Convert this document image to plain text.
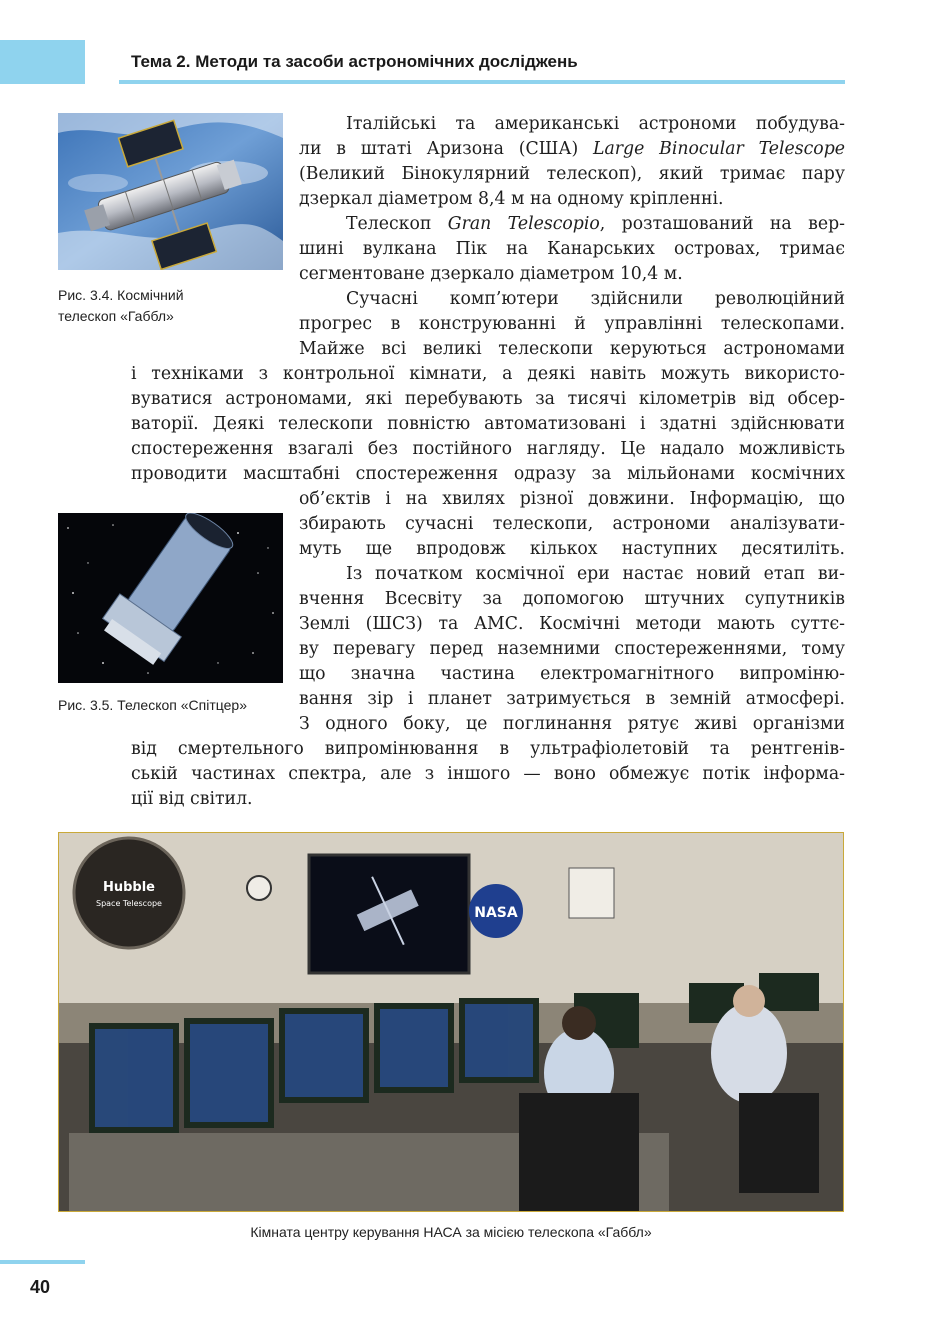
Тема 2. Методи та засоби астрономічних досліджень
Рис. 3.4. Космічний
телескоп «Габбл»
Рис. 3.5. Телескоп «Спітцер»
Італійські та американські астрономи побудува-
ли в штаті Аризона (США) Large Binocular Telescope
(Великий Бінокулярний телескоп), який тримає пару
дзеркал діаметром 8,4 м на одному кріпленні.
Телескоп Gran Telescopio, розташований на вер-
шині вулкана Пік на Канарських островах, тримає
сегментоване дзеркало діаметром 10,4 м.
Сучасні комп’ютери здійснили революційний
прогрес в конструюванні й управлінні телескопами.
Майже всі великі телескопи керуються астрономами
і техніками з контрольної кімнати, а деякі навіть можуть використо-
вуватися астрономами, які перебувають за тисячі кілометрів від обсер-
ваторії. Деякі телескопи повністю автоматизовані і здатні здійснювати
спостереження взагалі без постійного нагляду. Це надало можливість
проводити масштабні спостереження одразу за мільйонами космічних
об’єктів і на хвилях різної довжини. Інформацію, що
збирають сучасні телескопи, астрономи аналізувати-
муть ще впродовж кількох наступних десятиліть.
Із початком космічної ери настає новий етап ви-
вчення Всесвіту за допомогою штучних супутників
Землі (ШСЗ) та АМС. Космічні методи мають суттє-
ву перевагу перед наземними спостереженнями, тому
що значна частина електромагнітного випроміню-
вання зір і планет затримується в земній атмосфері.
З одного боку, це поглинання рятує живі організми
від смертельного випромінювання в ультрафіолетовій та рентгенів-
ській частинах спектра, але з іншого — воно обмежує потік інформа-
ції від світил.
Hubble
Space Telescope
NASA
Кімната центру керування НАСА за місією телескопа «Габбл»
40
